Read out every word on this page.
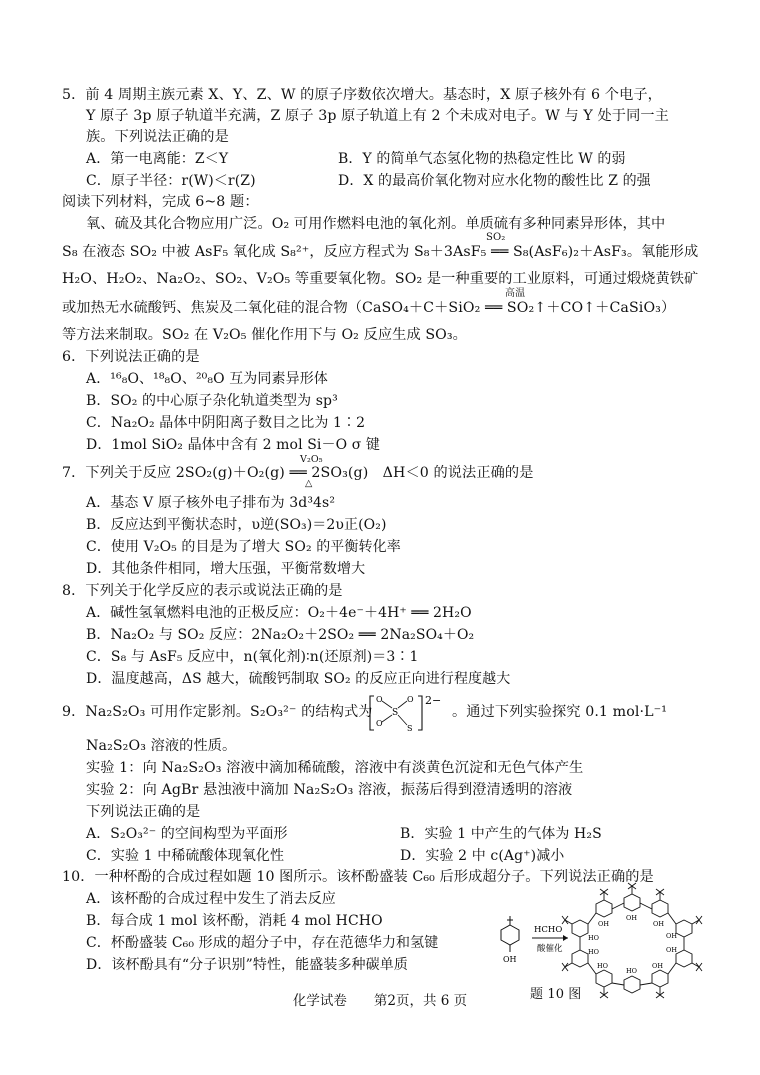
5．前 4 周期主族元素 X、Y、Z、W 的原子序数依次增大。基态时，X 原子核外有 6 个电子，
Y 原子 3p 原子轨道半充满，Z 原子 3p 原子轨道上有 2 个未成对电子。W 与 Y 处于同一主
族。下列说法正确的是
A．第一电离能：Z＜Y	B．Y 的简单气态氢化物的热稳定性比 W 的弱
C．原子半径：r(W)＜r(Z)	D．X 的最高价氧化物对应水化物的酸性比 Z 的强
阅读下列材料，完成 6~8 题：
氧、硫及其化合物应用广泛。O₂ 可用作燃料电池的氧化剂。单质硫有多种同素异形体，其中
S₈ 在液态 SO₂ 中被 AsF₅ 氧化成 S₈²⁺，反应方程式为 S₈＋3AsF₅ ══ S₈(AsF₆)₂＋AsF₃。氧能形成
SO₂
H₂O、H₂O₂、Na₂O₂、SO₂、V₂O₅ 等重要氧化物。SO₂ 是一种重要的工业原料，可通过煅烧黄铁矿
或加热无水硫酸钙、焦炭及二氧化硅的混合物（CaSO₄＋C＋SiO₂ ══ SO₂↑＋CO↑＋CaSiO₃）
高温
等方法来制取。SO₂ 在 V₂O₅ 催化作用下与 O₂ 反应生成 SO₃。
6．下列说法正确的是
A．¹⁶₈O、¹⁸₈O、²⁰₈O 互为同素异形体
B．SO₂ 的中心原子杂化轨道类型为 sp³
C．Na₂O₂ 晶体中阴阳离子数目之比为 1∶2
D．1mol SiO₂ 晶体中含有 2 mol Si－O σ 键
7．下列关于反应 2SO₂(g)＋O₂(g) ══ 2SO₃(g)　ΔH＜0 的说法正确的是
V₂O₅
△
A．基态 V 原子核外电子排布为 3d³4s²
B．反应达到平衡状态时，υ逆(SO₃)＝2υ正(O₂)
C．使用 V₂O₅ 的目是为了增大 SO₂ 的平衡转化率
D．其他条件相同，增大压强，平衡常数增大
8．下列关于化学反应的表示或说法正确的是
A．碱性氢氧燃料电池的正极反应：O₂＋4e⁻＋4H⁺ ══ 2H₂O
B．Na₂O₂ 与 SO₂ 反应：2Na₂O₂＋2SO₂ ══ 2Na₂SO₄＋O₂
C．S₈ 与 AsF₅ 反应中，n(氧化剂)∶n(还原剂)＝3∶1
D．温度越高，ΔS 越大，硫酸钙制取 SO₂ 的反应正向进行程度越大
9．Na₂S₂O₃ 可用作定影剂。S₂O₃²⁻ 的结构式为
O	O
S
O
S
2−
。通过下列实验探究 0.1 mol·L⁻¹
Na₂S₂O₃ 溶液的性质。
实验 1：向 Na₂S₂O₃ 溶液中滴加稀硫酸，溶液中有淡黄色沉淀和无色气体产生
实验 2：向 AgBr 悬浊液中滴加 Na₂S₂O₃ 溶液，振荡后得到澄清透明的溶液
下列说法正确的是
A．S₂O₃²⁻ 的空间构型为平面形	B．实验 1 中产生的气体为 H₂S
C．实验 1 中稀硫酸体现氧化性	D．实验 2 中 c(Ag⁺)减小
10．一种杯酚的合成过程如题 10 图所示。该杯酚盛装 C₆₀ 后形成超分子。下列说法正确的是
A．该杯酚的合成过程中发生了消去反应
B．每合成 1 mol 该杯酚，消耗 4 mol HCHO
C．杯酚盛装 C₆₀ 形成的超分子中，存在范德华力和氢键
D．该杯酚具有“分子识别”特性，能盛装多种碳单质	OH
HCHO
酸催化
OH
OH
OH
OH
OH
OH
HO
HO
HO
HO
题 10 图
化学试卷　　第2页，共 6 页
